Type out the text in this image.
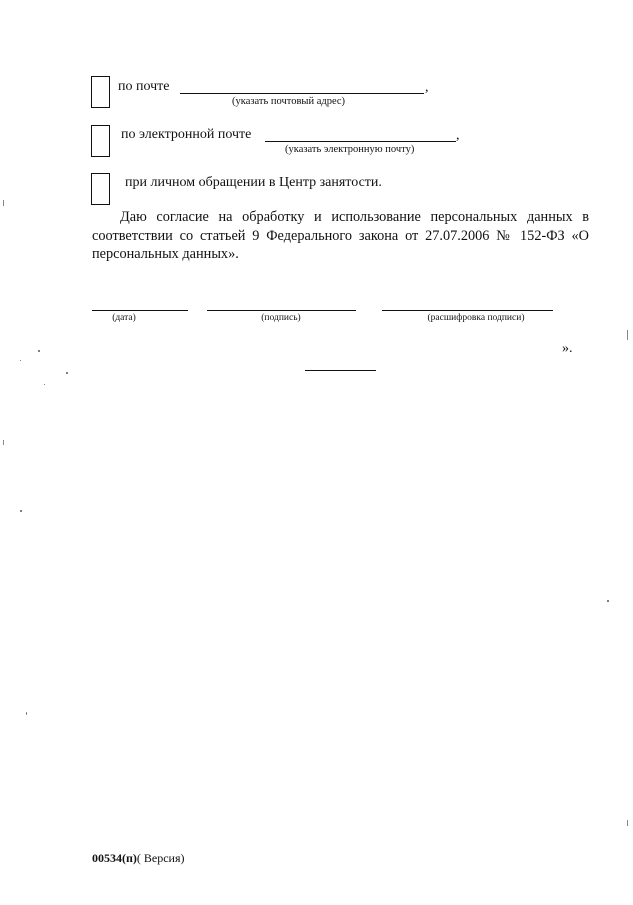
по почте	,
(указать почтовый адрес)
по электронной почте	,
(указать электронную почту)
при личном обращении в Центр занятости.
Даю согласие на обработку и использование персональных данных в соответствии со статьей 9 Федерального закона от 27.07.2006 № 152-ФЗ «О персональных данных».
(дата)	(подпись)	(расшифровка подписи)
».
00534(п)( Версия)
